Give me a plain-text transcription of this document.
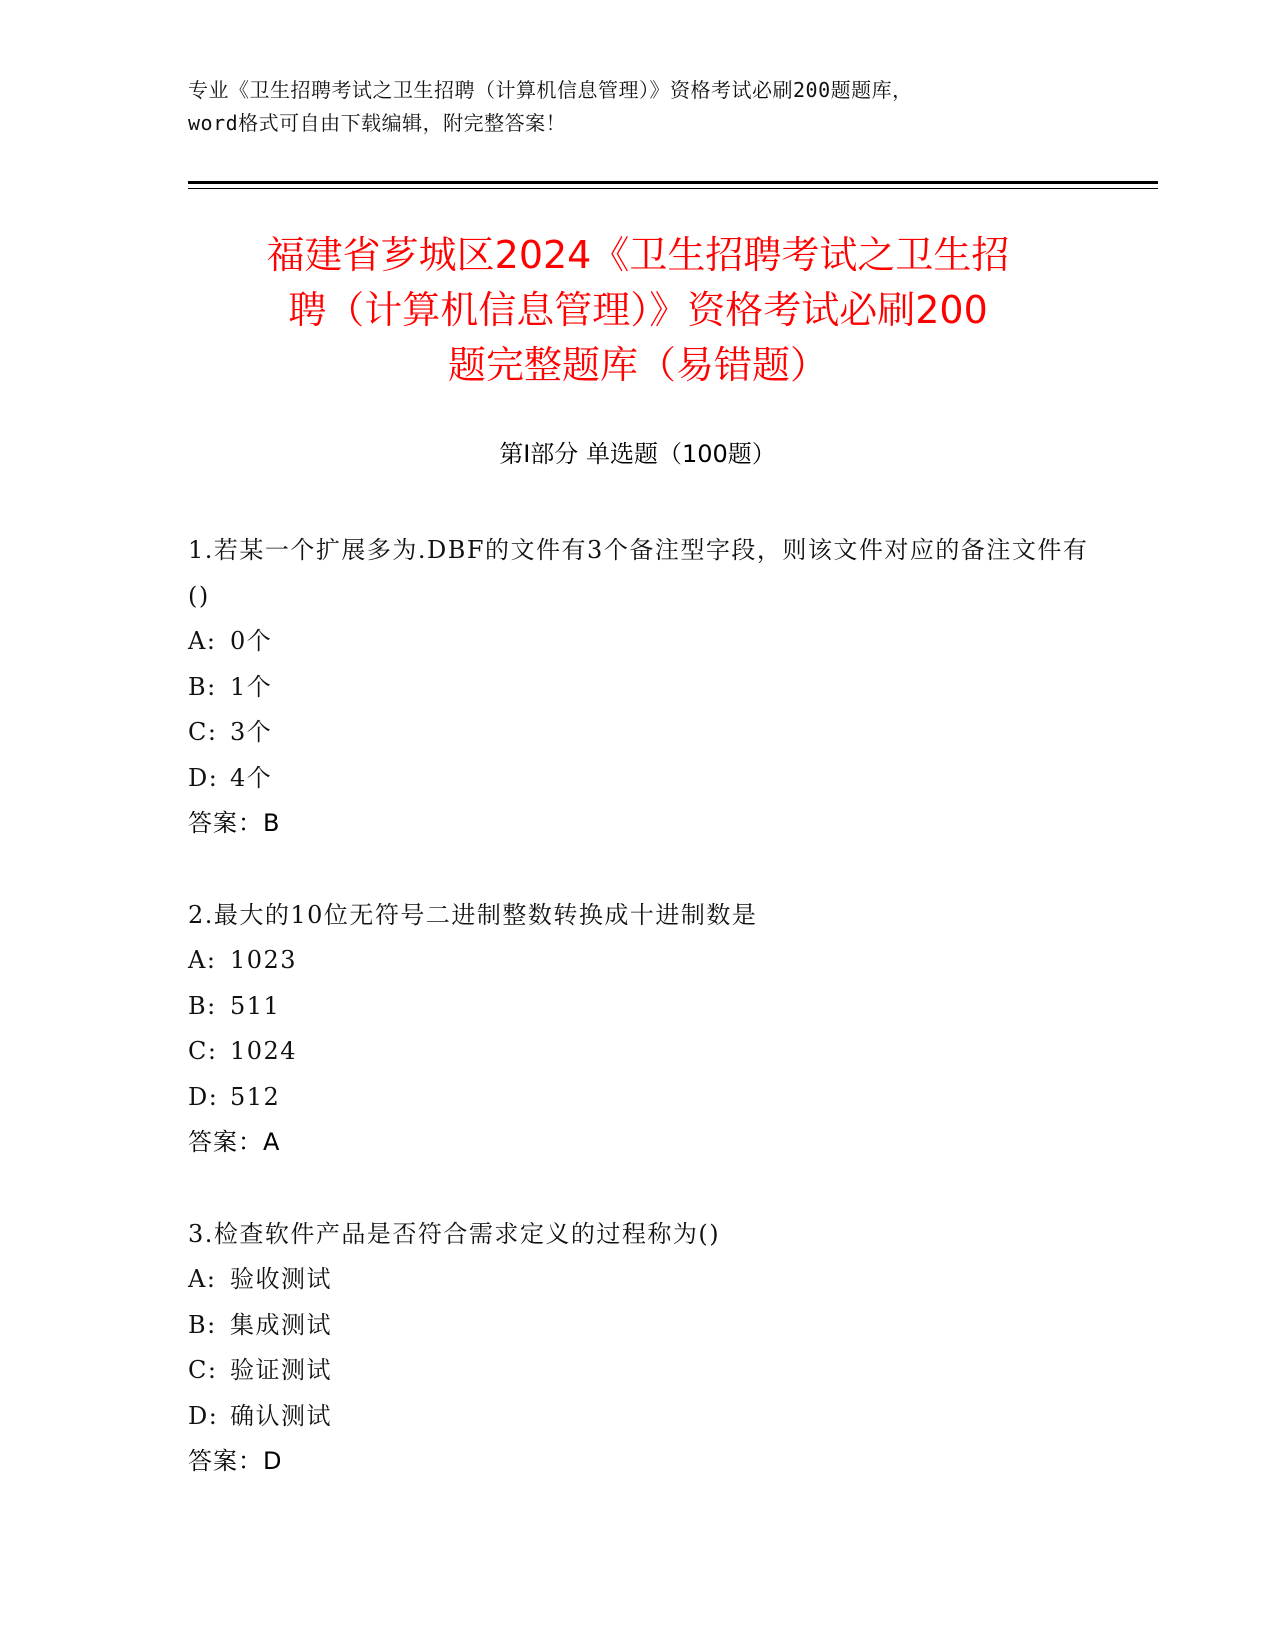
专业《卫生招聘考试之卫生招聘（计算机信息管理）》资格考试必刷200题题库，
word格式可自由下载编辑，附完整答案！
福建省芗城区2024《卫生招聘考试之卫生招
聘（计算机信息管理）》资格考试必刷200
题完整题库（易错题）
第Ⅰ部分 单选题（100题）
1.若某一个扩展多为.DBF的文件有3个备注型字段，则该文件对应的备注文件有()
A: 0个
B: 1个
C: 3个
D: 4个
答案：B
2.最大的10位无符号二进制整数转换成十进制数是
A: 1023
B: 511
C: 1024
D: 512
答案：A
3.检查软件产品是否符合需求定义的过程称为()
A: 验收测试
B: 集成测试
C: 验证测试
D: 确认测试
答案：D
